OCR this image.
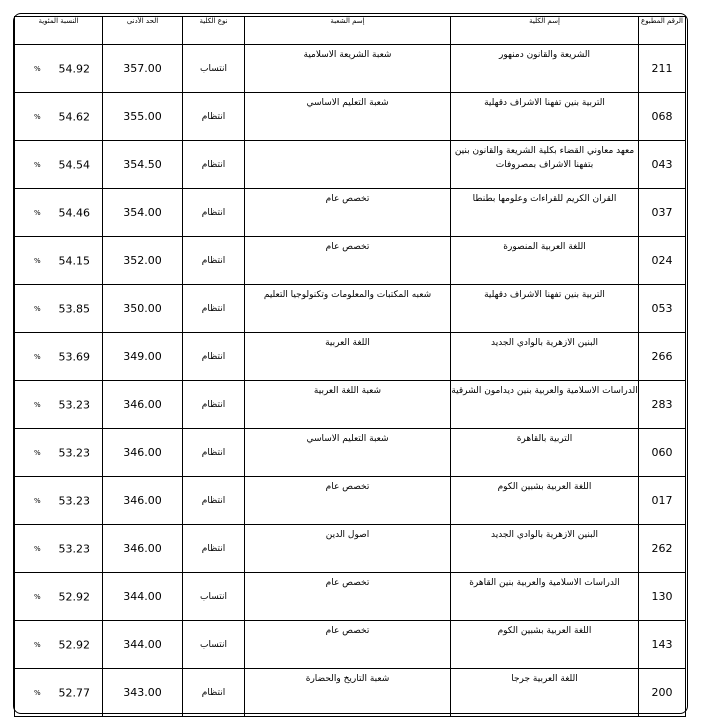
النسبة المئوية	الحد الأدنى	نوع الكلية	إسم الشعبة	إسم الكلية	الرقم المطبوع

% 54.92	357.00	انتساب	شعبة الشريعة الاسلامية	الشريعة والقانون دمنهور	211

% 54.62	355.00	انتظام	شعبة التعليم الاساسي	التربية بنين تفهنا الاشراف دقهلية	068

% 54.54	354.50	انتظام		معهد معاوني القضاء بكلية الشريعة والقانون بنين بتفهنا الاشراف بمصروفات	043

% 54.46	354.00	انتظام	تخصص عام	القران الكريم للقراءات وعلومها بطنطا	037

% 54.15	352.00	انتظام	تخصص عام	اللغة العربية المنصورة	024

% 53.85	350.00	انتظام	شعبه المكتبات والمعلومات وتكنولوجيا التعليم	التربية بنين تفهنا الاشراف دقهلية	053

% 53.69	349.00	انتظام	اللغة العربية	البنين الازهرية بالوادي الجديد	266

% 53.23	346.00	انتظام	شعبة اللغة العربية	الدراسات الاسلامية والعربية بنين ديدامون الشرقية	283

% 53.23	346.00	انتظام	شعبة التعليم الاساسي	التربية بالقاهرة	060

% 53.23	346.00	انتظام	تخصص عام	اللغة العربية بشبين الكوم	017

% 53.23	346.00	انتظام	اصول الدين	البنين الازهرية بالوادي الجديد	262

% 52.92	344.00	انتساب	تخصص عام	الدراسات الاسلامية والعربية بنين القاهرة	130

% 52.92	344.00	انتساب	تخصص عام	اللغة العربية بشبين الكوم	143

% 52.77	343.00	انتظام	شعبة التاريخ والحضارة	اللغة العربية جرجا	200
